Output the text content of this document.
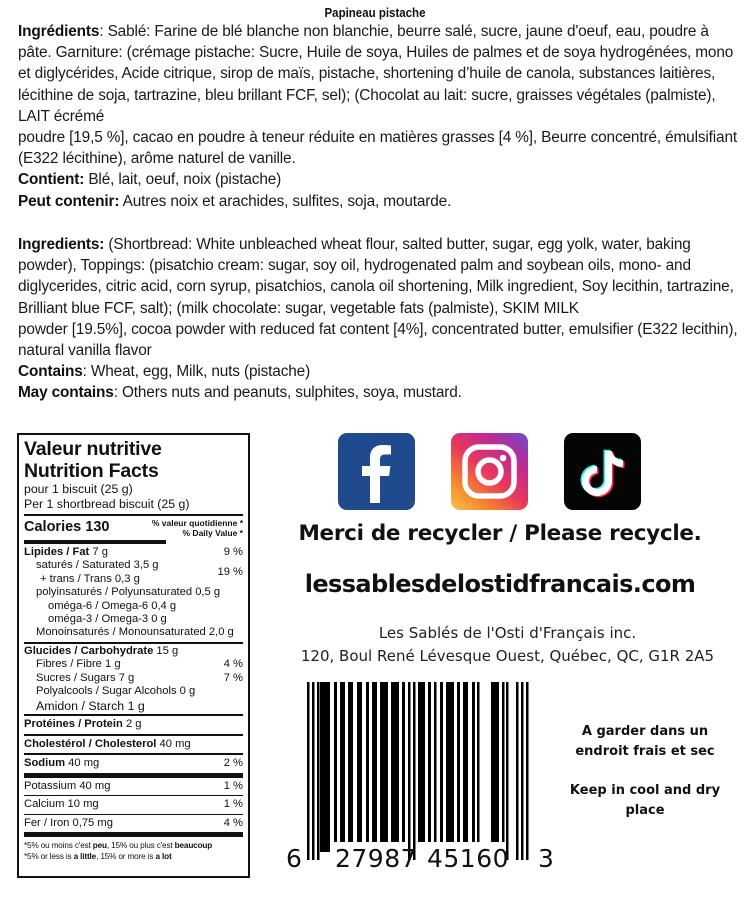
Papineau pistache

Ingrédients: Sablé: Farine de blé blanche non blanchie, beurre salé, sucre, jaune d'oeuf, eau, poudre à pâte. Garniture: (crémage pistache: Sucre, Huile de soya, Huiles de palmes et de soya hydrogénées, mono et diglycérides, Acide citrique, sirop de maïs, pistache, shortening d’huile de canola, substances laitières, lécithine de soja, tartrazine, bleu brillant FCF, sel); (Chocolat au lait: sucre, graisses végétales (palmiste), LAIT écrémé

poudre [19,5 %], cacao en poudre à teneur réduite en matières grasses [4 %], Beurre concentré, émulsifiant (E322 lécithine), arôme naturel de vanille.

Contient: Blé, lait, oeuf, noix (pistache)

Peut contenir: Autres noix et arachides, sulfites, soja, moutarde.

Ingredients: (Shortbread: White unbleached wheat flour, salted butter, sugar, egg yolk, water, baking powder), Toppings: (pisatchio cream: sugar, soy oil, hydrogenated palm and soybean oils, mono- and diglycerides, citric acid, corn syrup, pisatchios, canola oil shortening, Milk ingredient, Soy lecithin, tartrazine, Brilliant blue FCF, salt); (milk chocolate: sugar, vegetable fats (palmiste), SKIM MILK

powder [19.5%], cocoa powder with reduced fat content [4%], concentrated butter, emulsifier (E322 lecithin), natural vanilla flavor

Contains: Wheat, egg, Milk, nuts (pistache)

May contains: Others nuts and peanuts, sulphites, soya, mustard.

Valeur nutritive
Nutrition Facts
pour 1 biscuit (25 g)
Per 1 shortbread biscuit (25 g)
Calories 130	% valeur quotidienne *
% Daily Value *
Lipides / Fat 7 g	9 %
saturés / Saturated 3,5 g
+ trans / Trans 0,3 g
19 %
polyinsaturés / Polyunsaturated 0,5 g
oméga-6 / Omega-6 0,4 g
oméga-3 / Omega-3 0 g
Monoinsaturés / Monounsaturated 2,0 g
Glucides / Carbohydrate 15 g
Fibres / Fibre 1 g	4 %
Sucres / Sugars 7 g	7 %
Polyalcools / Sugar Alcohols 0 g
Amidon / Starch 1 g
Protéines / Protein 2 g
Cholestérol / Cholesterol 40 mg
Sodium 40 mg	2 %
Potassium 40 mg	1 %
Calcium 10 mg	1 %
Fer / Iron 0,75 mg	4 %
*5% ou moins c'est peu, 15% ou plus c'est beaucoup
*5% or less is a little, 15% or more is a lot
Merci de recycler / Please recycle.
lessablesdelostidfrancais.com
Les Sablés de l'Osti d'Français inc.
120, Boul René Lévesque Ouest, Québec, QC, G1R 2A5
6 27987 45160 3

A garder dans un endroit frais et sec

Keep in cool and dry place
